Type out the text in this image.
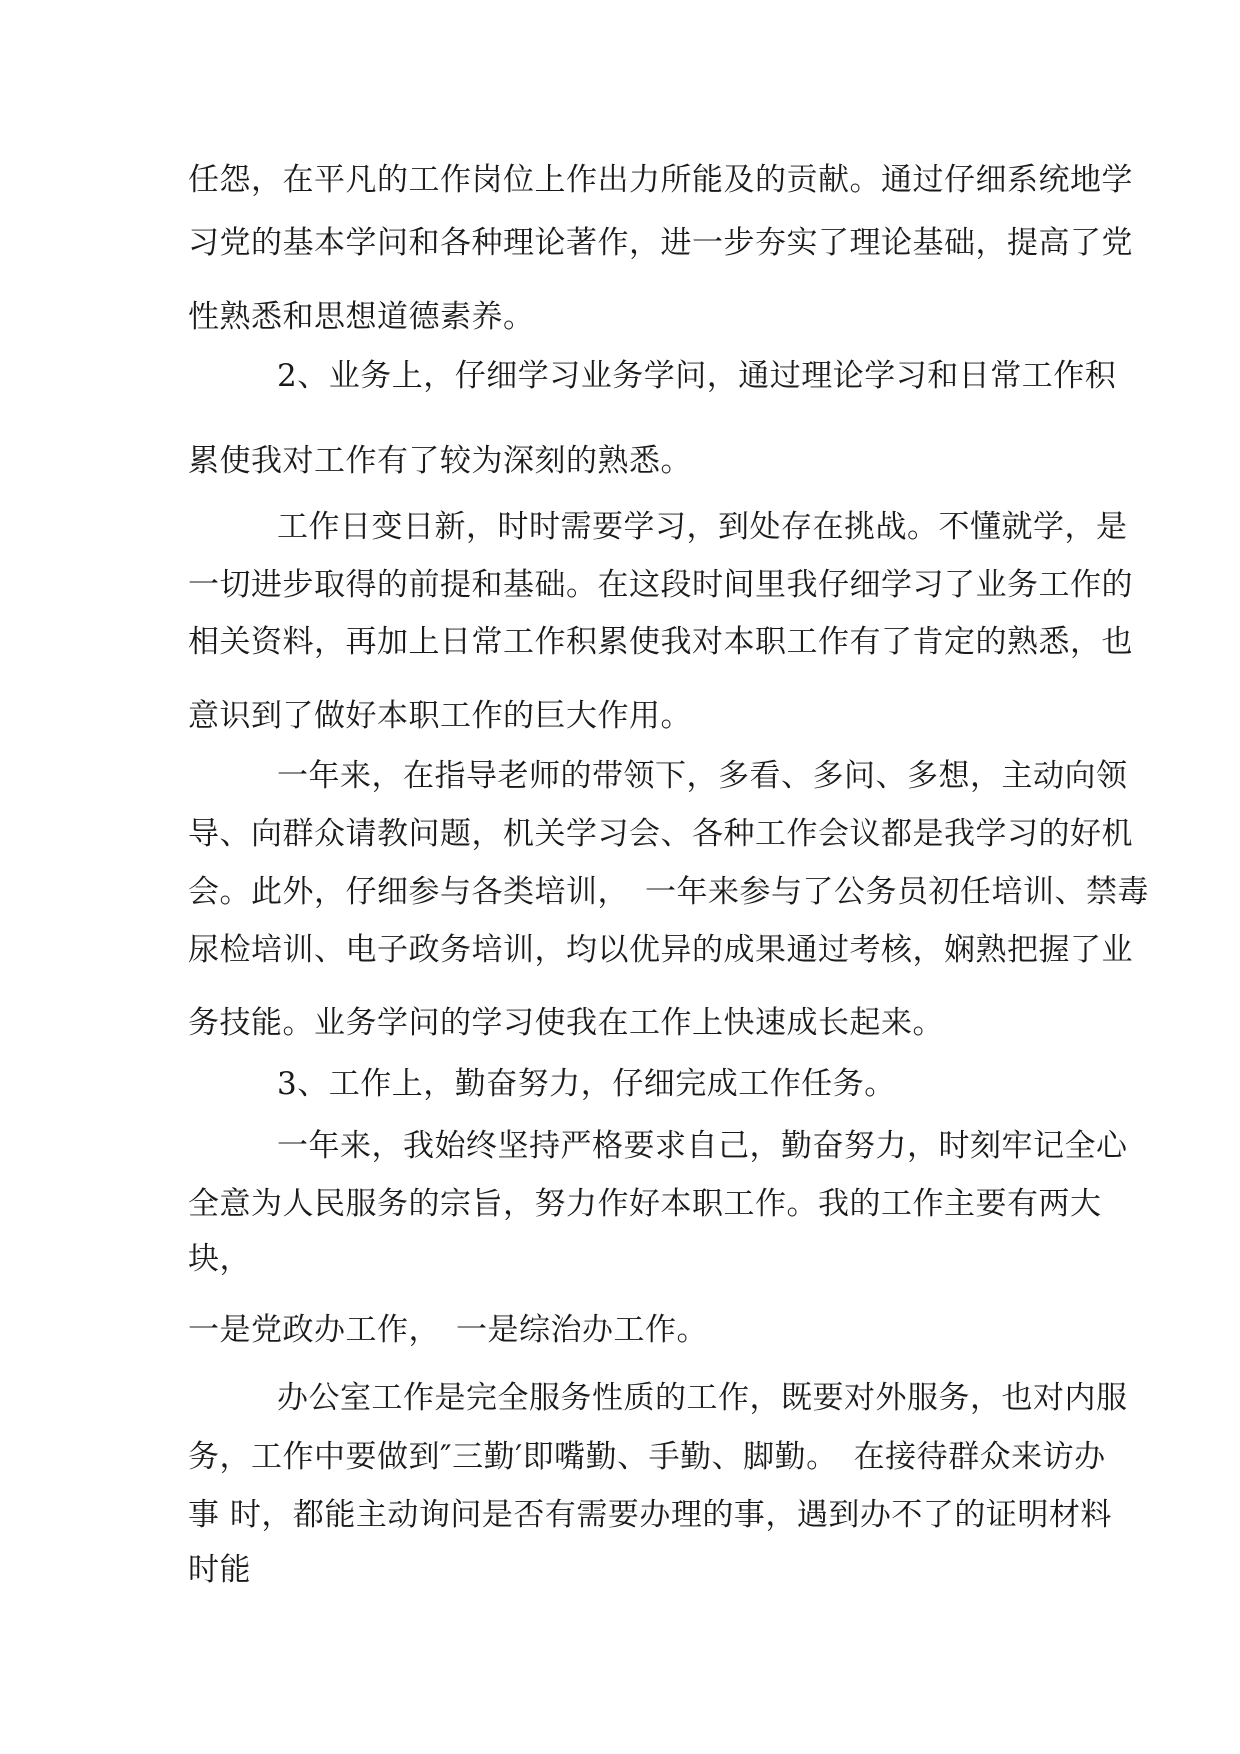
任怨，在平凡的工作岗位上作出力所能及的贡献。通过仔细系统地学
习党的基本学问和各种理论著作，进一步夯实了理论基础，提高了党
性熟悉和思想道德素养。
2、业务上，仔细学习业务学问，通过理论学习和日常工作积
累使我对工作有了较为深刻的熟悉。
工作日变日新，时时需要学习，到处存在挑战。不懂就学，是
一切进步取得的前提和基础。在这段时间里我仔细学习了业务工作的
相关资料，再加上日常工作积累使我对本职工作有了肯定的熟悉，也
意识到了做好本职工作的巨大作用。
一年来，在指导老师的带领下，多看、多问、多想，主动向领
导、向群众请教问题，机关学习会、各种工作会议都是我学习的好机
会。此外，仔细参与各类培训，　一年来参与了公务员初任培训、禁毒
尿检培训、电子政务培训，均以优异的成果通过考核，娴熟把握了业
务技能。业务学问的学习使我在工作上快速成长起来。
3、工作上，勤奋努力，仔细完成工作任务。
一年来，我始终坚持严格要求自己，勤奋努力，时刻牢记全心
全意为人民服务的宗旨，努力作好本职工作。我的工作主要有两大
块，
一是党政办工作，　一是综治办工作。
办公室工作是完全服务性质的工作，既要对外服务，也对内服
务，工作中要做到″三勤′即嘴勤、手勤、脚勤。　在接待群众来访办
事 时，都能主动询问是否有需要办理的事，遇到办不了的证明材料
时能
